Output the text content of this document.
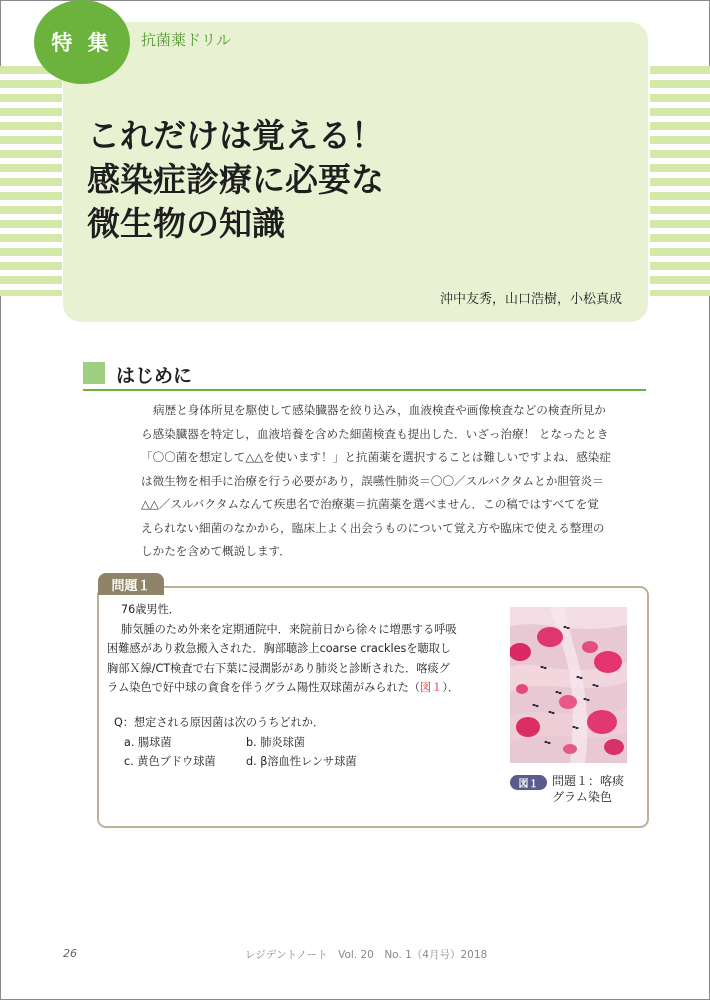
特 集	抗菌薬ドリル
これだけは覚える！
感染症診療に必要な
微生物の知識
沖中友秀，山口浩樹，小松真成
はじめに
病歴と身体所見を駆使して感染臓器を絞り込み，血液検査や画像検査などの検査所見か
ら感染臓器を特定し，血液培養を含めた細菌検査も提出した．いざっ治療！ となったとき
「〇〇菌を想定して△△を使います！」と抗菌薬を選択することは難しいですよね．感染症
は微生物を相手に治療を行う必要があり，誤嚥性肺炎＝〇〇／スルバクタムとか胆管炎＝
△△／スルバクタムなんて疾患名で治療薬＝抗菌薬を選べません．この稿ではすべてを覚
えられない細菌のなかから，臨床上よく出会うものについて覚え方や臨床で使える整理の
しかたを含めて概説します．
問題１
76歳男性．
肺気腫のため外来を定期通院中．来院前日から徐々に増悪する呼吸
困難感があり救急搬入された．胸部聴診上coarse cracklesを聴取し
胸部Ｘ線/CT検査で右下葉に浸潤影があり肺炎と診断された．喀痰グ
ラム染色で好中球の貪食を伴うグラム陽性双球菌がみられた（図１）．
Q：想定される原因菌は次のうちどれか．
a. 腸球菌	b. 肺炎球菌
c. 黄色ブドウ球菌	d. β溶血性レンサ球菌
図１	問題１：喀痰
グラム染色
26	レジデントノート　Vol. 20　No. 1（4月号）2018
